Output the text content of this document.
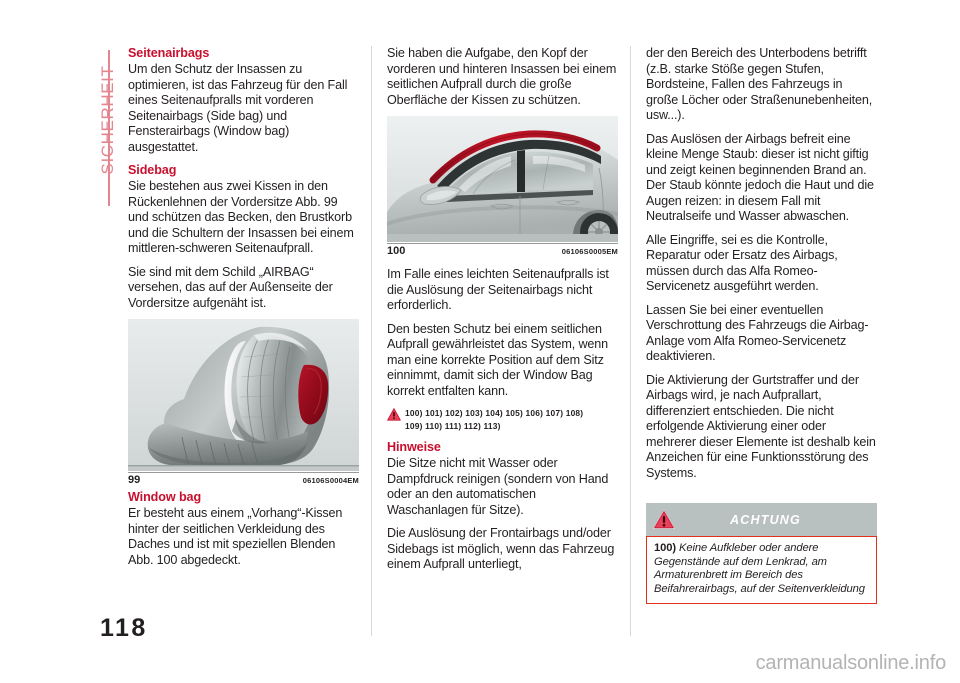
SICHERHEIT
Seitenairbags

Um den Schutz der Insassen zu optimieren, ist das Fahrzeug für den Fall eines Seitenaufpralls mit vorderen Seitenairbags (Side bag) und Fensterairbags (Window bag) ausgestattet.

Sidebag

Sie bestehen aus zwei Kissen in den Rückenlehnen der Vordersitze Abb. 99 und schützen das Becken, den Brustkorb und die Schultern der Insassen bei einem mittleren-schweren Seitenaufprall.

Sie sind mit dem Schild „AIRBAG“ versehen, das auf der Außenseite der Vordersitze aufgenäht ist.

99	06106S0004EM
Window bag

Er besteht aus einem „Vorhang“-Kissen hinter der seitlichen Verkleidung des Daches und ist mit speziellen Blenden Abb. 100 abgedeckt.

Sie haben die Aufgabe, den Kopf der vorderen und hinteren Insassen bei einem seitlichen Aufprall durch die große Oberfläche der Kissen zu schützen.

100	06106S0005EM

Im Falle eines leichten Seitenaufpralls ist die Auslösung der Seitenairbags nicht erforderlich.

Den besten Schutz bei einem seitlichen Aufprall gewährleistet das System, wenn man eine korrekte Position auf dem Sitz einnimmt, damit sich der Window Bag korrekt entfalten kann.

100) 101) 102) 103) 104) 105) 106) 107) 108) 109) 110) 111) 112) 113)
Hinweise

Die Sitze nicht mit Wasser oder Dampfdruck reinigen (sondern von Hand oder an den automatischen Waschanlagen für Sitze).

Die Auslösung der Frontairbags und/oder Sidebags ist möglich, wenn das Fahrzeug einem Aufprall unterliegt,

der den Bereich des Unterbodens betrifft (z.B. starke Stöße gegen Stufen, Bordsteine, Fallen des Fahrzeugs in große Löcher oder Straßenunebenheiten, usw...).

Das Auslösen der Airbags befreit eine kleine Menge Staub: dieser ist nicht giftig und zeigt keinen beginnenden Brand an. Der Staub könnte jedoch die Haut und die Augen reizen: in diesem Fall mit Neutralseife und Wasser abwaschen.

Alle Eingriffe, sei es die Kontrolle, Reparatur oder Ersatz des Airbags, müssen durch das Alfa Romeo-Servicenetz ausgeführt werden.

Lassen Sie bei einer eventuellen Verschrottung des Fahrzeugs die Airbag-Anlage vom Alfa Romeo-Servicenetz deaktivieren.

Die Aktivierung der Gurtstraffer und der Airbags wird, je nach Aufprallart, differenziert entschieden. Die nicht erfolgende Aktivierung einer oder mehrerer dieser Elemente ist deshalb kein Anzeichen für eine Funktionsstörung des Systems.

ACHTUNG
100) Keine Aufkleber oder andere Gegenstände auf dem Lenkrad, am Armaturenbrett im Bereich des Beifahrerairbags, auf der Seitenverkleidung
118
carmanualsonline.info
